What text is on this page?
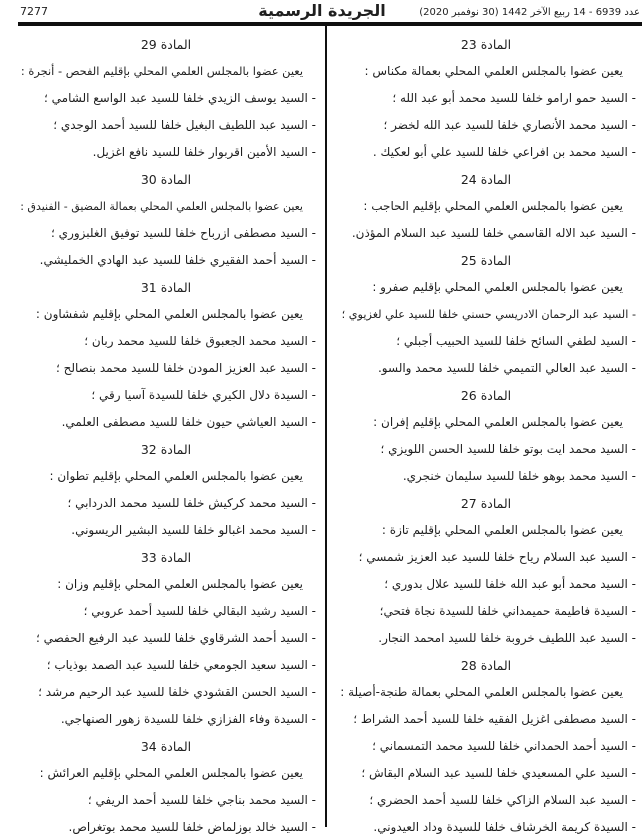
7277	الجريدة الرسمية	عدد 6939 - 14 ربيع الآخر 1442 (30 نوفمبر 2020)
المادة 23
يعين عضوا بالمجلس العلمي المحلي بعمالة مكناس :
- السيد حمو ارامو خلفا للسيد محمد أبو عبد الله ؛
- السيد محمد الأنصاري خلفا للسيد عبد الله لخضر ؛
- السيد محمد بن افراعي خلفا للسيد علي أبو لعكيك .
المادة 24
يعين عضوا بالمجلس العلمي المحلي بإقليم الحاجب :
- السيد عبد الاله القاسمي خلفا للسيد عبد السلام المؤذن.
المادة 25
يعين عضوا بالمجلس العلمي المحلي بإقليم صفرو :
- السيد عبد الرحمان الادريسي حسني خلفا للسيد علي لغزيوي ؛
- السيد لطفي السائح خلفا للسيد الحبيب أجبلي ؛
- السيد عبد العالي التميمي خلفا للسيد محمد والسو.
المادة 26
يعين عضوا بالمجلس العلمي المحلي بإقليم إفران :
- السيد محمد ايت بوتو خلفا للسيد الحسن اللويزي ؛
- السيد محمد بوهو خلفا للسيد سليمان خنجري.
المادة 27
يعين عضوا بالمجلس العلمي المحلي بإقليم تازة :
- السيد عبد السلام رياح خلفا للسيد عبد العزيز شمسي ؛
- السيد محمد أبو عبد الله خلفا للسيد علال بدوري ؛
- السيدة فاطيمة حميمداني خلفا للسيدة نجاة فتحي؛
- السيد عبد اللطيف خروبة خلفا للسيد امحمد النجار.
المادة 28
يعين عضوا بالمجلس العلمي المحلي بعمالة طنجة-أصيلة :
- السيد مصطفى اغزيل الفقيه خلفا للسيد أحمد الشراط ؛
- السيد أحمد الحمداني خلفا للسيد محمد التمسماني ؛
- السيد علي المسعيدي خلفا للسيد عبد السلام البقاش ؛
- السيد عبد السلام الزاكي خلفا للسيد أحمد الحضري ؛
- السيدة كريمة الخرشاف خلفا للسيدة وداد العيدوني.
المادة 29
يعين عضوا بالمجلس العلمي المحلي بإقليم الفحص - أنجرة :
- السيد يوسف الزيدي خلفا للسيد عبد الواسع الشامي ؛
- السيد عبد اللطيف البغيل خلفا للسيد أحمد الوجدي ؛
- السيد الأمين اقربوار خلفا للسيد نافع اغزيل.
المادة 30
يعين عضوا بالمجلس العلمي المحلي بعمالة المضيق - الفنيدق :
- السيد مصطفى ازرباح خلفا للسيد توفيق الغلبزوري ؛
- السيد أحمد الفقيري خلفا للسيد عبد الهادي الخمليشي.
المادة 31
يعين عضوا بالمجلس العلمي المحلي بإقليم شفشاون :
- السيد محمد الجعبوق خلفا للسيد محمد ربان ؛
- السيد عبد العزيز المودن خلفا للسيد محمد بنصالح ؛
- السيدة دلال الكيري خلفا للسيدة آسيا رقي ؛
- السيد العياشي حيون خلفا للسيد مصطفى العلمي.
المادة 32
يعين عضوا بالمجلس العلمي المحلي بإقليم تطوان :
- السيد محمد كركيش خلفا للسيد محمد الدردابي ؛
- السيد محمد اغبالو خلفا للسيد البشير الريسوني.
المادة 33
يعين عضوا بالمجلس العلمي المحلي بإقليم وزان :
- السيد رشيد البقالي خلفا للسيد أحمد عروبي ؛
- السيد أحمد الشرقاوي خلفا للسيد عبد الرفيع الحفصي ؛
- السيد سعيد الجومعي خلفا للسيد عبد الصمد بوذياب ؛
- السيد الحسن القشودي خلفا للسيد عبد الرحيم مرشد ؛
- السيدة وفاء الفزازي خلفا للسيدة زهور الصنهاجي.
المادة 34
يعين عضوا بالمجلس العلمي المحلي بإقليم العرائش :
- السيد محمد بناجي خلفا للسيد أحمد الريفي ؛
- السيد خالد بوزلماض خلفا للسيد محمد بوتغراص.
